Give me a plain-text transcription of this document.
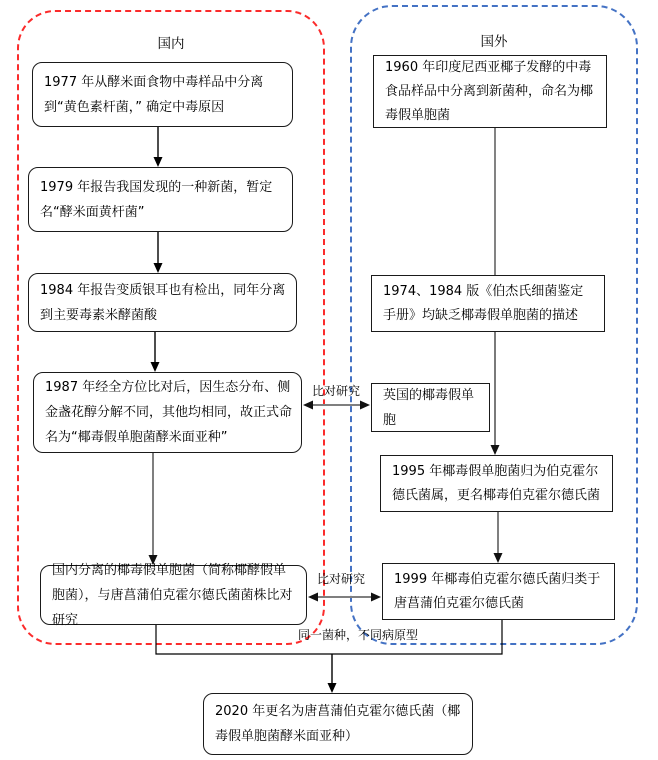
国内	国外
1977 年从酵米面食物中毒样品中分离到“黄色素杆菌，” 确定中毒原因
1979 年报告我国发现的一种新菌，暂定名“酵米面黄杆菌”
1984 年报告变质银耳也有检出，同年分离到主要毒素米酵菌酸
1987 年经全方位比对后，因生态分布、侧金盏花醇分解不同，其他均相同，故正式命名为“椰毒假单胞菌酵米面亚种”
国内分离的椰毒假单胞菌（简称椰酵假单胞菌），与唐菖蒲伯克霍尔德氏菌菌株比对研究
1960 年印度尼西亚椰子发酵的中毒食品样品中分离到新菌种，命名为椰毒假单胞菌
1974、1984 版《伯杰氏细菌鉴定手册》均缺乏椰毒假单胞菌的描述
英国的椰毒假单胞
1995 年椰毒假单胞菌归为伯克霍尔德氏菌属，更名椰毒伯克霍尔德氏菌
1999 年椰毒伯克霍尔德氏菌归类于唐菖蒲伯克霍尔德氏菌
2020 年更名为唐菖蒲伯克霍尔德氏菌（椰毒假单胞菌酵米面亚种）
比对研究
比对研究
同一菌种，不同病原型
